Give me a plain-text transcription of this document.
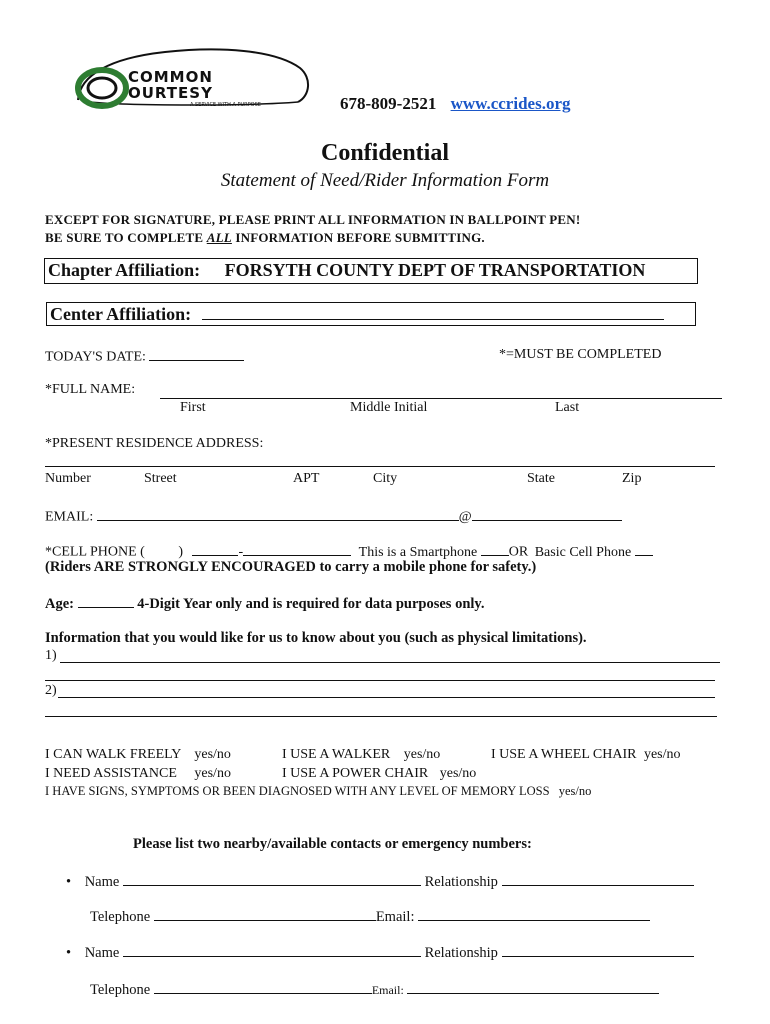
COMMON
OURTESY
A SERVICE WITH A PURPOSE	678-809-2521 www.ccrides.org
Confidential
Statement of Need/Rider Information Form
EXCEPT FOR SIGNATURE, PLEASE PRINT ALL INFORMATION IN BALLPOINT PEN!
BE SURE TO COMPLETE ALL INFORMATION BEFORE SUBMITTING.
Chapter Affiliation: FORSYTH COUNTY DEPT OF TRANSPORTATION
Center Affiliation:
TODAY'S DATE:	*=MUST BE COMPLETED
*FULL NAME:
First	Middle Initial	Last
*PRESENT RESIDENCE ADDRESS:
Number	Street	APT	City	State	Zip
EMAIL:	@
*CELL PHONE ( )	-	This is a Smartphone OR Basic Cell Phone
(Riders ARE STRONGLY ENCOURAGED to carry a mobile phone for safety.)
Age:	4-Digit Year only and is required for data purposes only.
Information that you would like for us to know about you (such as physical limitations).
1)
2)
I CAN WALK FREELY yes/no	I USE A WALKER yes/no	I USE A WHEEL CHAIR yes/no
I NEED ASSISTANCE yes/no	I USE A POWER CHAIR yes/no
I HAVE SIGNS, SYMPTOMS OR BEEN DIAGNOSED WITH ANY LEVEL OF MEMORY LOSS yes/no
Please list two nearby/available contacts or emergency numbers:
• Name	Relationship
Telephone	Email:
• Name	Relationship
Telephone	Email:
